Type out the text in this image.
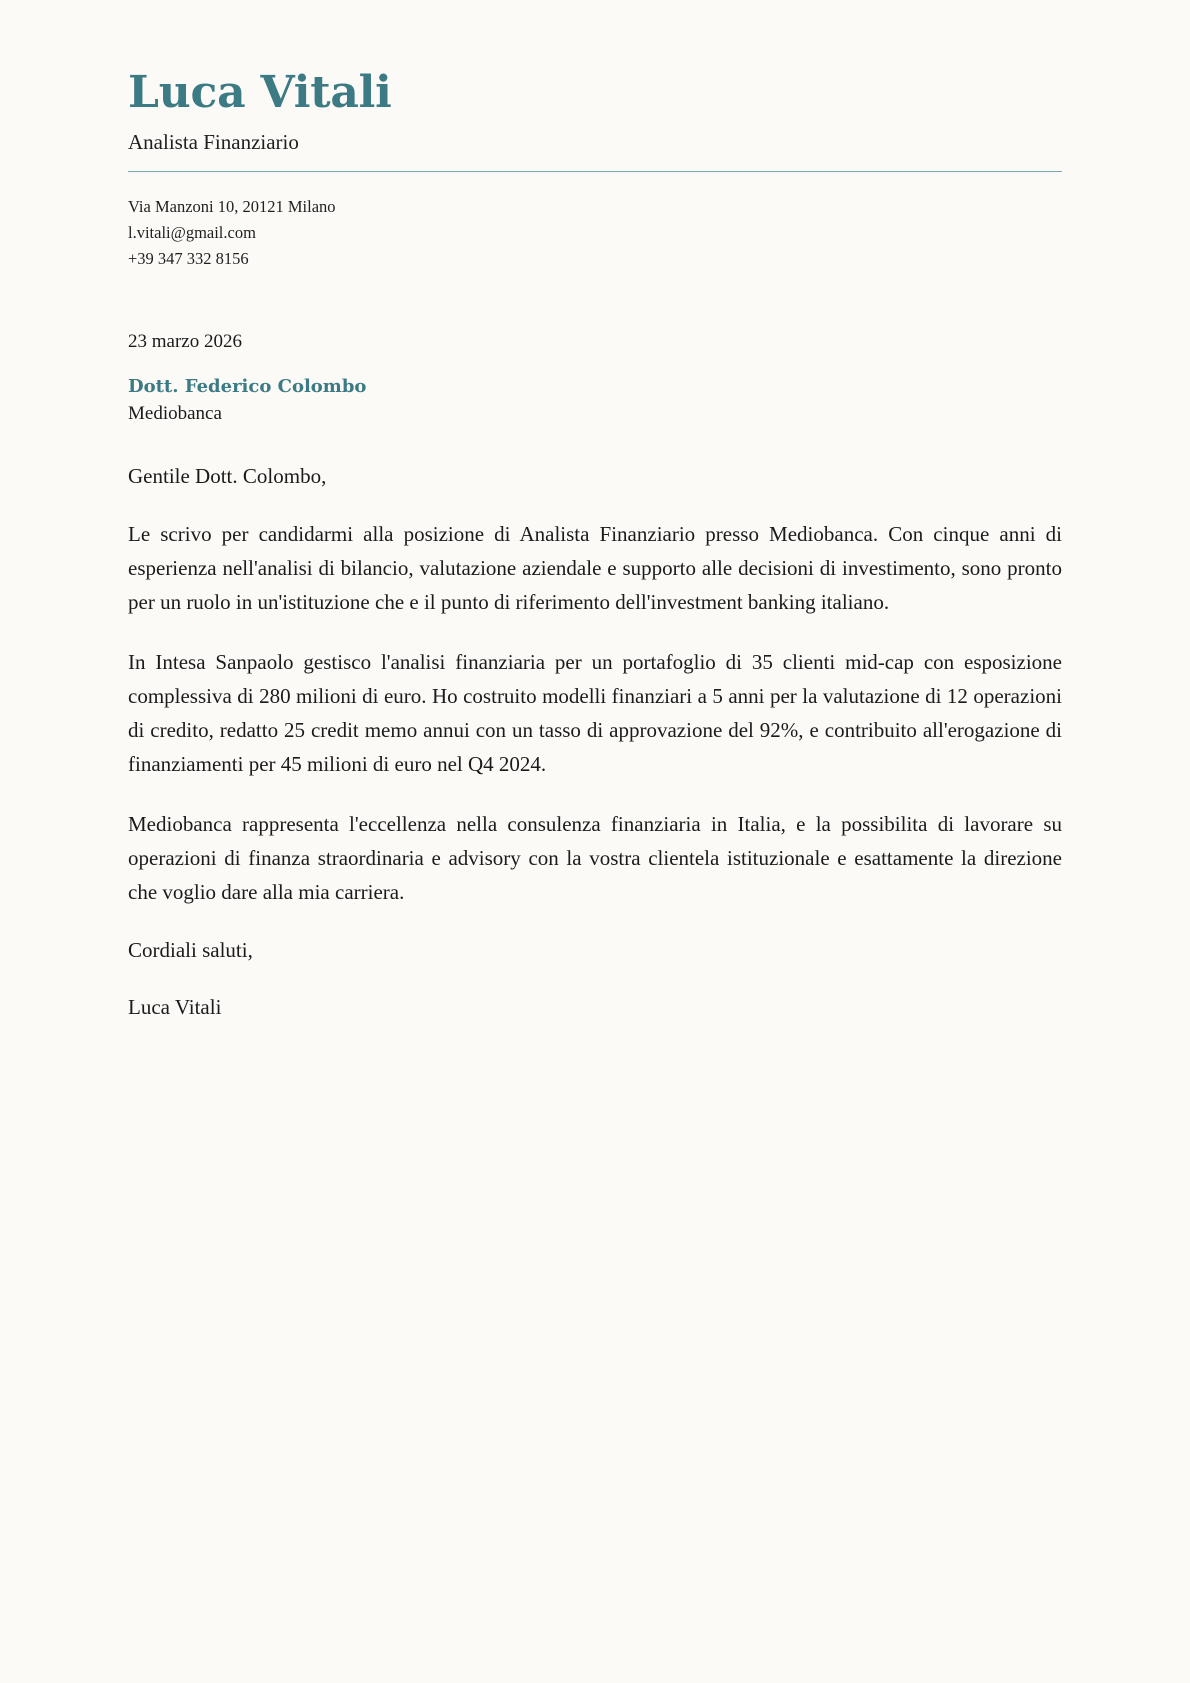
Luca Vitali
Analista Finanziario
Via Manzoni 10, 20121 Milano
l.vitali@gmail.com
+39 347 332 8156
23 marzo 2026
Dott. Federico Colombo
Mediobanca
Gentile Dott. Colombo,

Le scrivo per candidarmi alla posizione di Analista Finanziario presso Mediobanca. Con cinque anni di esperienza nell'analisi di bilancio, valutazione aziendale e supporto alle decisioni di investimento, sono pronto per un ruolo in un'istituzione che e il punto di riferimento dell'investment banking italiano.

In Intesa Sanpaolo gestisco l'analisi finanziaria per un portafoglio di 35 clienti mid-cap con esposizione complessiva di 280 milioni di euro. Ho costruito modelli finanziari a 5 anni per la valutazione di 12 operazioni di credito, redatto 25 credit memo annui con un tasso di approvazione del 92%, e contribuito all'erogazione di finanziamenti per 45 milioni di euro nel Q4 2024.

Mediobanca rappresenta l'eccellenza nella consulenza finanziaria in Italia, e la possibilita di lavorare su operazioni di finanza straordinaria e advisory con la vostra clientela istituzionale e esattamente la direzione che voglio dare alla mia carriera.

Cordiali saluti,
Luca Vitali
